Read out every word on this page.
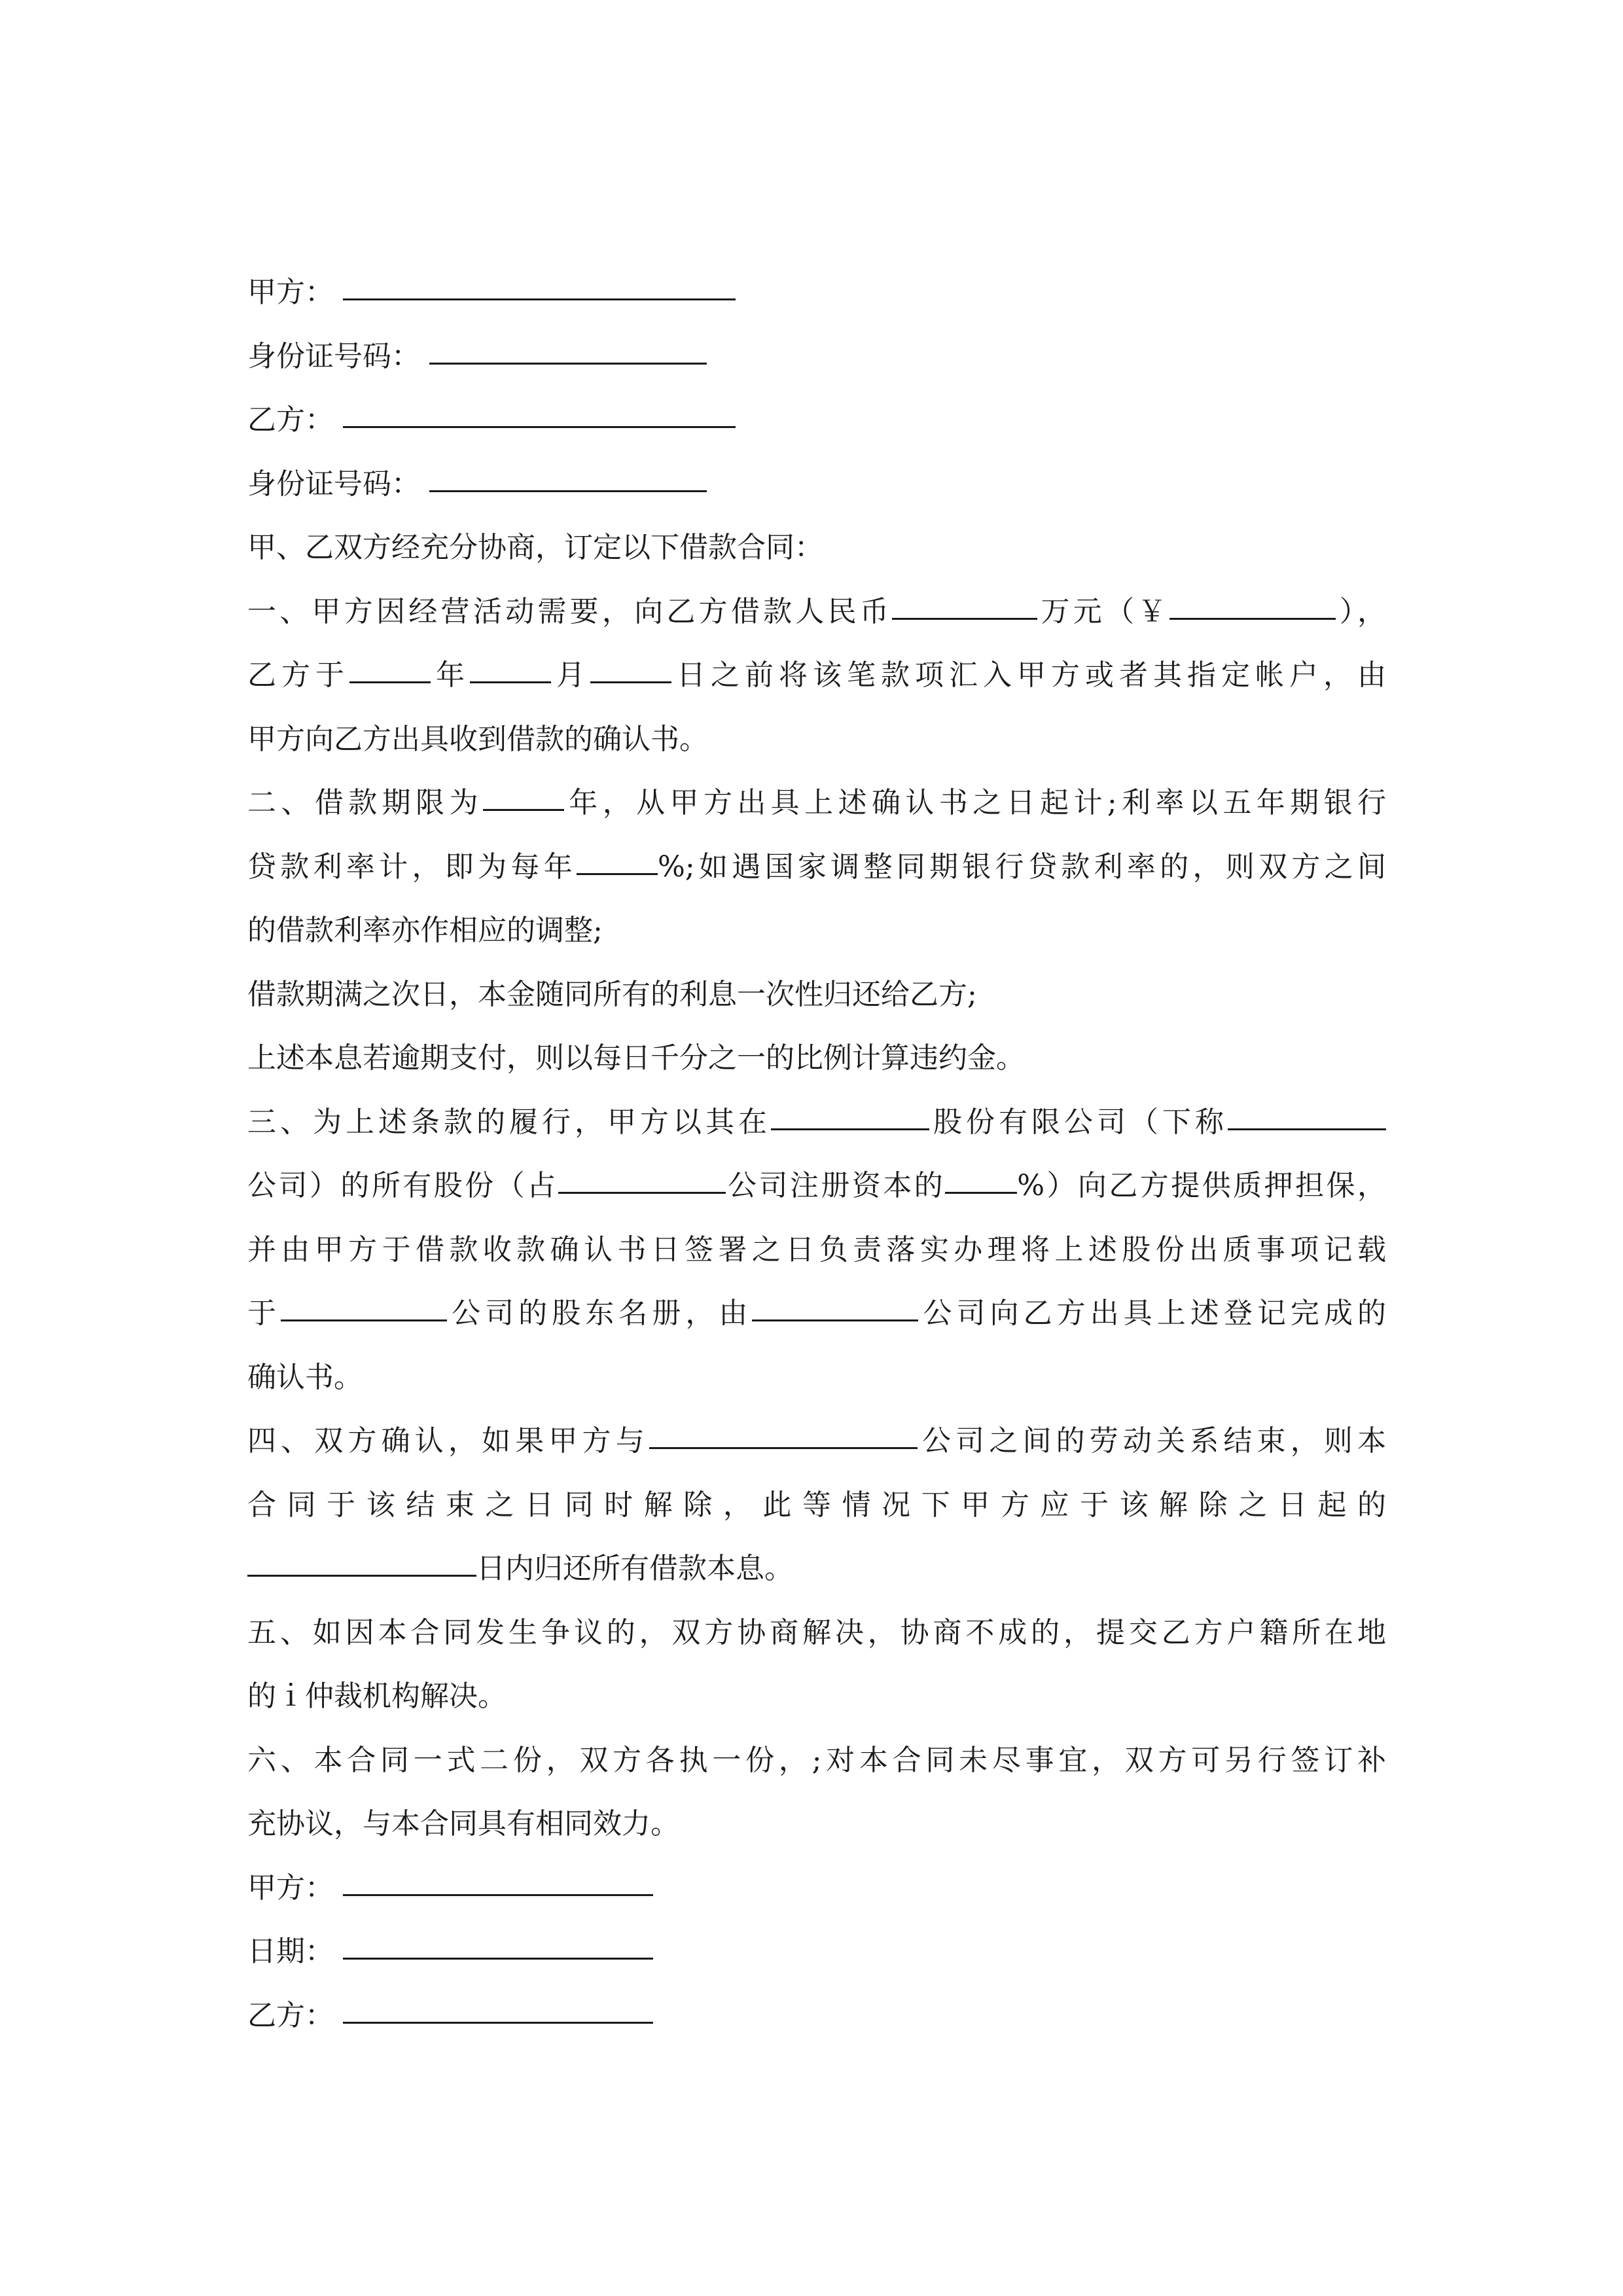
甲方：
身份证号码：
乙方：
身份证号码：
甲、乙双方经充分协商，订定以下借款合同：
一、甲方因经营活动需要，向乙方借款人民币	万元（￥	），
乙方于	年	月	日之前将该笔款项汇入甲方或者其指定帐户，由
甲方向乙方出具收到借款的确认书。
二、借款期限为	年，从甲方出具上述确认书之日起计;利率以五年期银行
贷款利率计，即为每年	%;如遇国家调整同期银行贷款利率的，则双方之间
的借款利率亦作相应的调整;
借款期满之次日，本金随同所有的利息一次性归还给乙方;
上述本息若逾期支付，则以每日千分之一的比例计算违约金。
三、为上述条款的履行，甲方以其在	股份有限公司（下称
公司）的所有股份（占	公司注册资本的	%）向乙方提供质押担保，
并由甲方于借款收款确认书日签署之日负责落实办理将上述股份出质事项记载
于	公司的股东名册，由	公司向乙方出具上述登记完成的
确认书。
四、双方确认，如果甲方与	公司之间的劳动关系结束，则本
合同于该结束之日同时解除，此等情况下甲方应于该解除之日起的
日内归还所有借款本息。
五、如因本合同发生争议的，双方协商解决，协商不成的，提交乙方户籍所在地
的ｉ仲裁机构解决。
六、本合同一式二份，双方各执一份，;对本合同未尽事宜，双方可另行签订补
充协议，与本合同具有相同效力。
甲方：
日期：
乙方：
